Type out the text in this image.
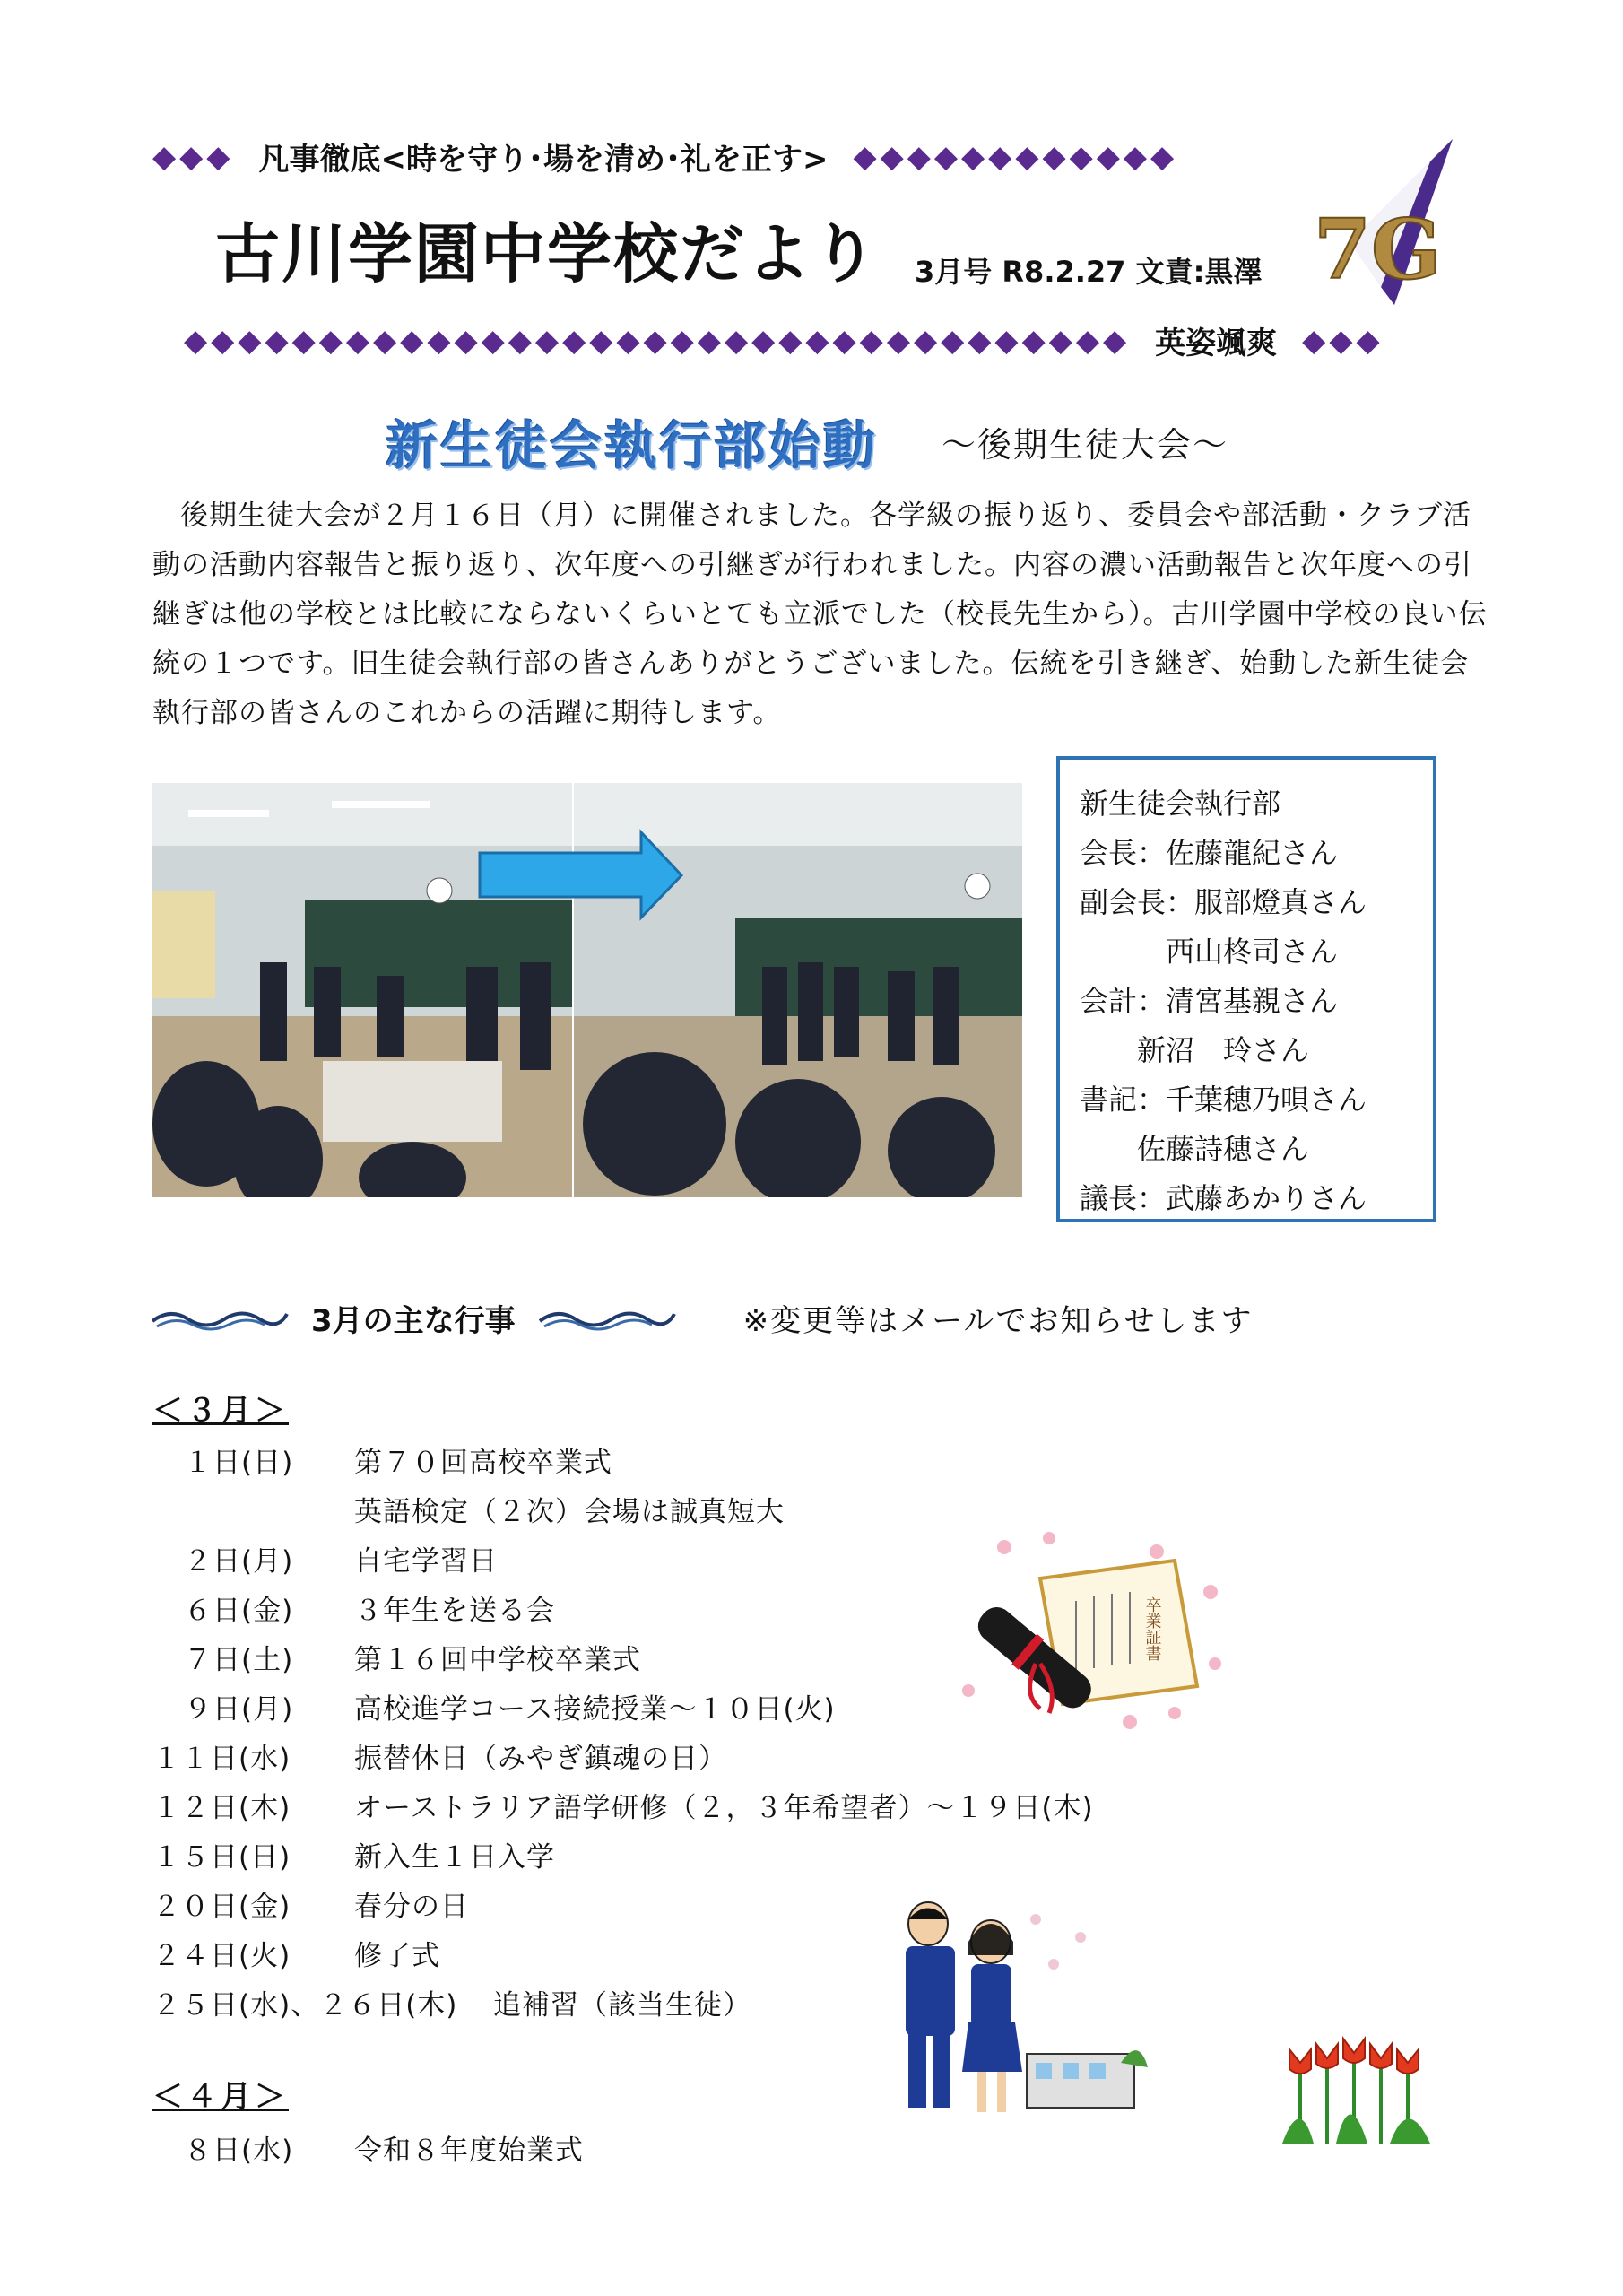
◆◆◆ 凡事徹底<時を守り･場を清め･礼を正す> ◆◆◆◆◆◆◆◆◆◆◆◆
古川学園中学校だより 3月号 R8.2.27 文責:黒澤
◆◆◆◆◆◆◆◆◆◆◆◆◆◆◆◆◆◆◆◆◆◆◆◆◆◆◆◆◆◆◆◆◆◆◆ 英姿颯爽 ◆◆◆
7G
新生徒会執行部始動 ～後期生徒大会～
後期生徒大会が２月１６日（月）に開催されました。各学級の振り返り、委員会や部活動・クラブ活動の活動内容報告と振り返り、次年度への引継ぎが行われました。内容の濃い活動報告と次年度への引継ぎは他の学校とは比較にならないくらいとても立派でした（校長先生から）。古川学園中学校の良い伝統の１つです。旧生徒会執行部の皆さんありがとうございました。伝統を引き継ぎ、始動した新生徒会執行部の皆さんのこれからの活躍に期待します。
新生徒会執行部
会長：佐藤龍紀さん
副会長：服部燈真さん
　　　西山柊司さん
会計：清宮基親さん
　　新沼　玲さん
書記：千葉穂乃唄さん
　　佐藤詩穂さん
議長：武藤あかりさん
3月の主な行事	※変更等はメールでお知らせします
＜３月＞
１日(日) 第７０回高校卒業式
英語検定（２次）会場は誠真短大
２日(月) 自宅学習日
６日(金) ３年生を送る会
７日(土) 第１６回中学校卒業式
９日(月) 高校進学コース接続授業～１０日(火)
１１日(水) 振替休日（みやぎ鎮魂の日）
１２日(木) オーストラリア語学研修（２，３年希望者）～１９日(木)
１５日(日) 新入生１日入学
２０日(金) 春分の日
２４日(火) 修了式
２５日(水)、２６日(木) 追補習（該当生徒）
＜４月＞
８日(水) 令和８年度始業式
卒業証書
